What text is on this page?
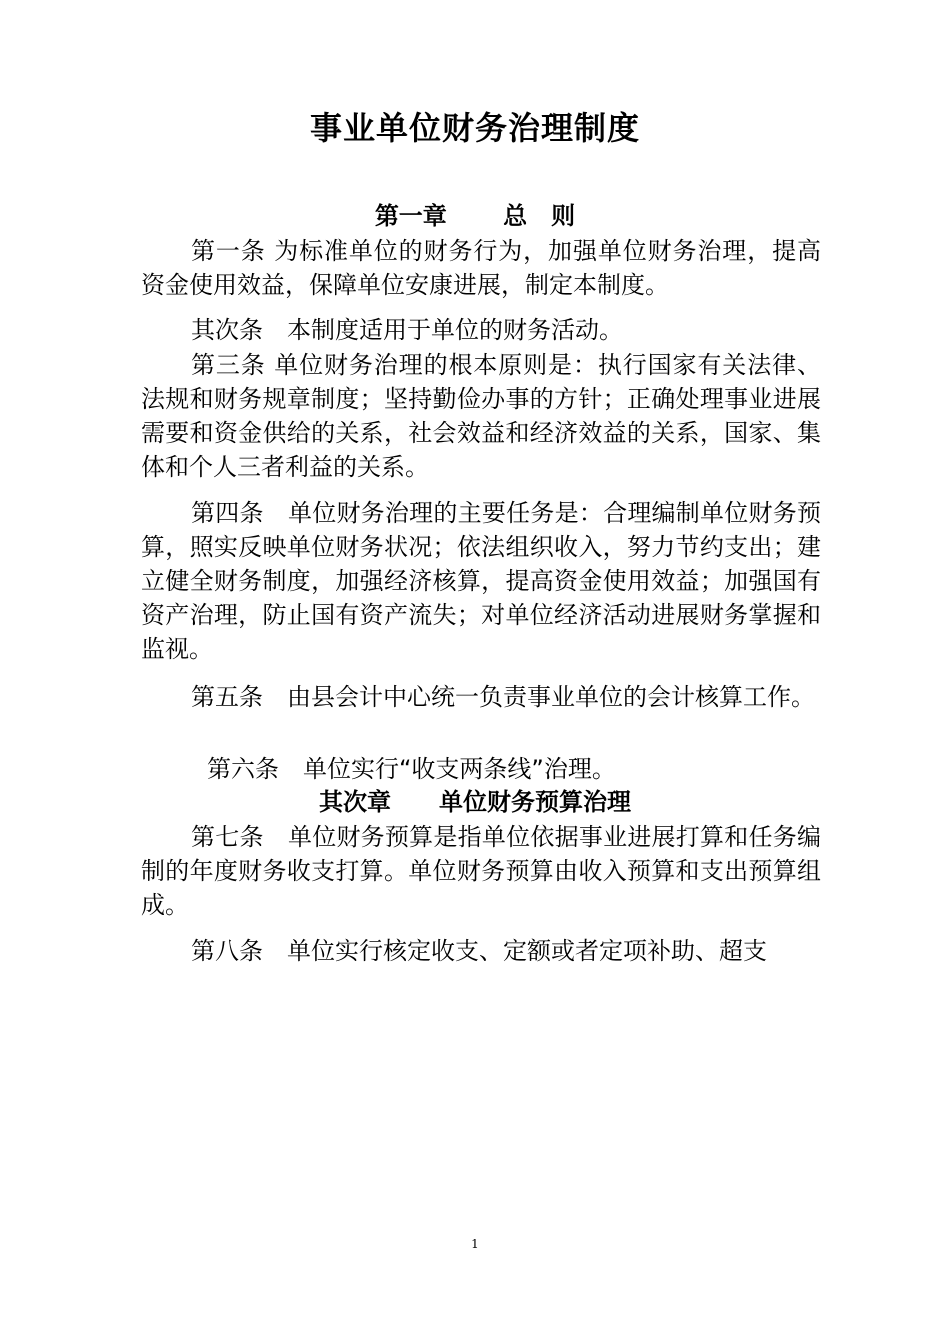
事业单位财务治理制度
第一章　　 总　则
第一条 为标准单位的财务行为，加强单位财务治理，提高资金使用效益，保障单位安康进展，制定本制度。
其次条　本制度适用于单位的财务活动。
第三条 单位财务治理的根本原则是：执行国家有关法律、法规和财务规章制度；坚持勤俭办事的方针；正确处理事业进展需要和资金供给的关系，社会效益和经济效益的关系，国家、集体和个人三者利益的关系。
第四条　单位财务治理的主要任务是：合理编制单位财务预算，照实反映单位财务状况；依法组织收入，努力节约支出；建立健全财务制度，加强经济核算，提高资金使用效益；加强国有资产治理，防止国有资产流失；对单位经济活动进展财务掌握和监视。
第五条　由县会计中心统一负责事业单位的会计核算工作。
第六条　单位实行“收支两条线”治理。
其次章　　单位财务预算治理
第七条　单位财务预算是指单位依据事业进展打算和任务编制的年度财务收支打算。单位财务预算由收入预算和支出预算组成。
第八条　单位实行核定收支、定额或者定项补助、超支
1
